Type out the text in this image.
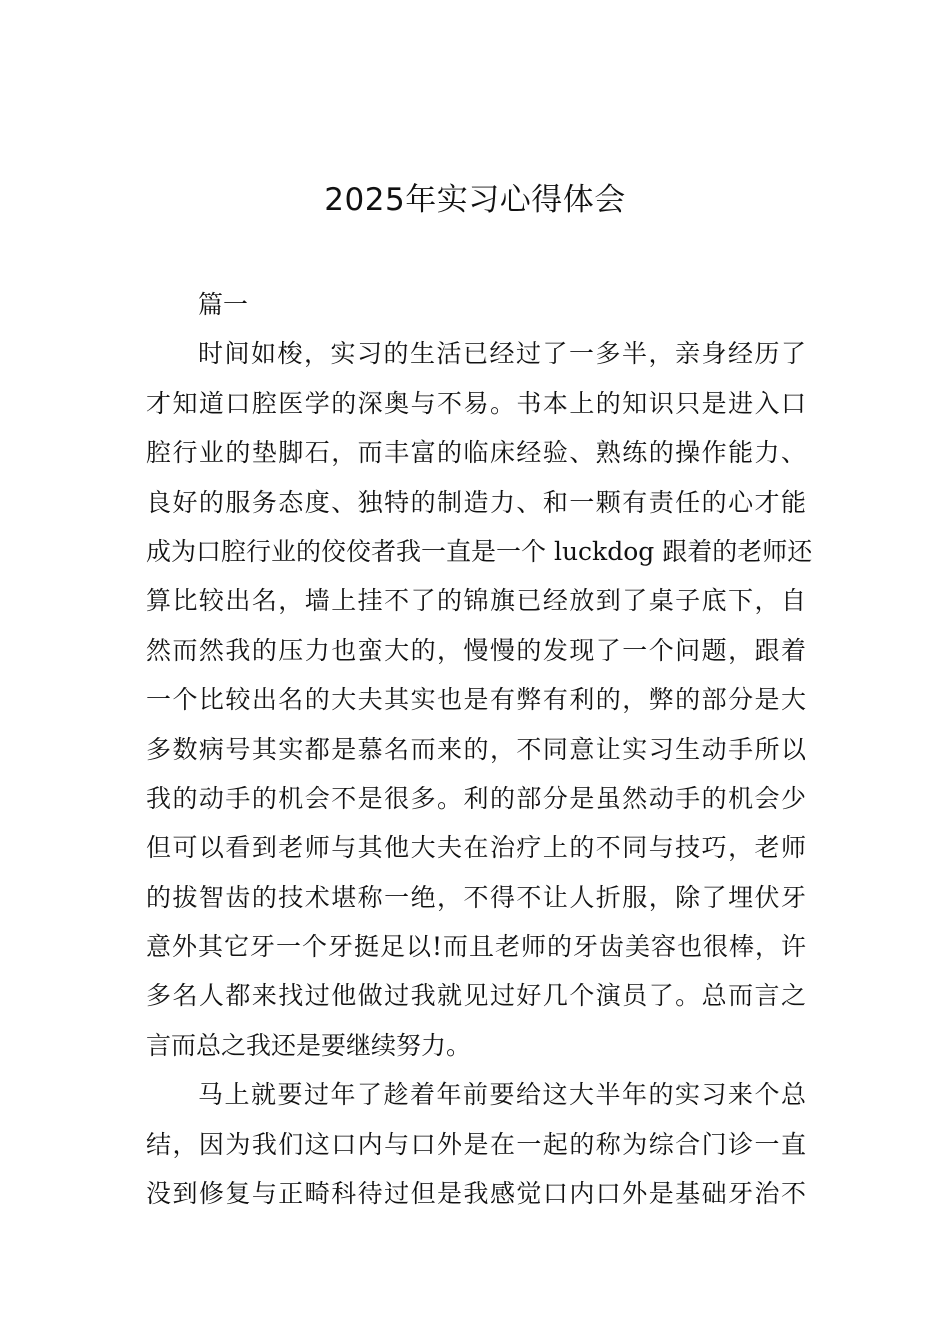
2025年实习心得体会
篇一
时间如梭，实习的生活已经过了一多半，亲身经历了
才知道口腔医学的深奥与不易。书本上的知识只是进入口
腔行业的垫脚石，而丰富的临床经验、熟练的操作能力、
良好的服务态度、独特的制造力、和一颗有责任的心才能
成为口腔行业的佼佼者我一直是一个 luckdog 跟着的老师还
算比较出名，墙上挂不了的锦旗已经放到了桌子底下，自
然而然我的压力也蛮大的，慢慢的发现了一个问题，跟着
一个比较出名的大夫其实也是有弊有利的，弊的部分是大
多数病号其实都是慕名而来的，不同意让实习生动手所以
我的动手的机会不是很多。利的部分是虽然动手的机会少
但可以看到老师与其他大夫在治疗上的不同与技巧，老师
的拔智齿的技术堪称一绝，不得不让人折服，除了埋伏牙
意外其它牙一个牙挺足以!而且老师的牙齿美容也很棒，许
多名人都来找过他做过我就见过好几个演员了。总而言之
言而总之我还是要继续努力。
马上就要过年了趁着年前要给这大半年的实习来个总
结，因为我们这口内与口外是在一起的称为综合门诊一直
没到修复与正畸科待过但是我感觉口内口外是基础牙治不
